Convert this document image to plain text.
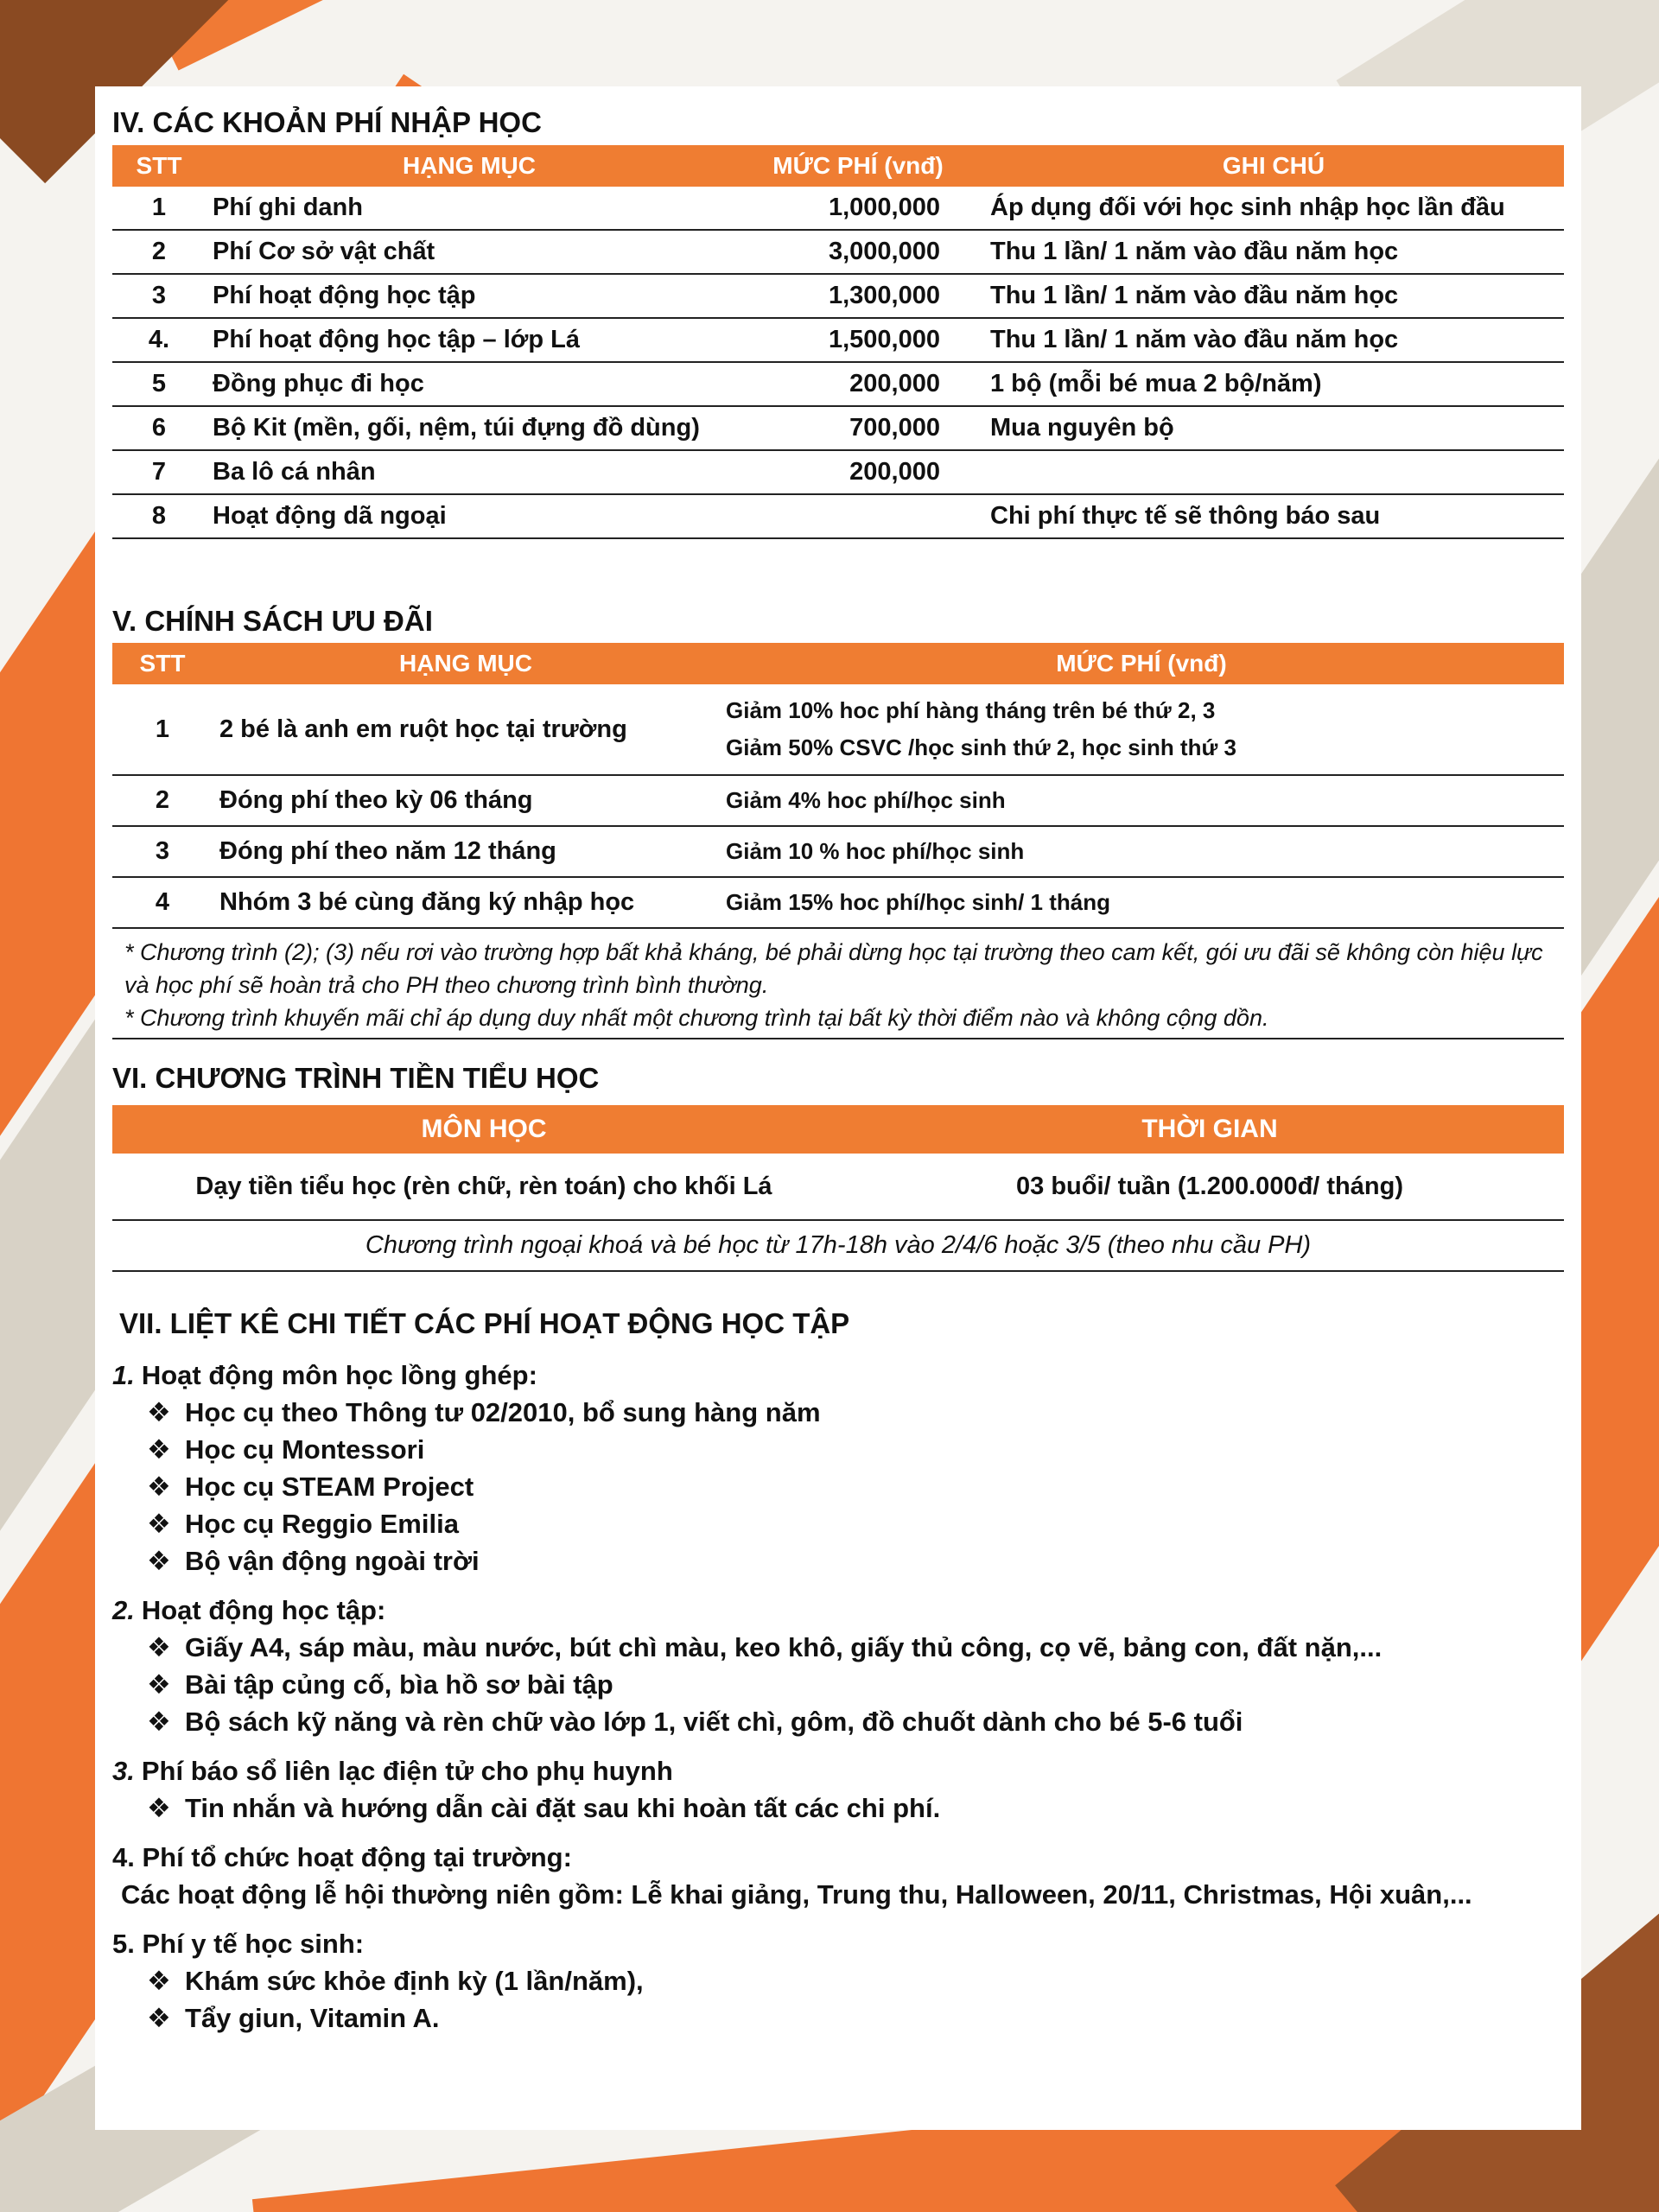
IV. CÁC KHOẢN PHÍ NHẬP HỌC
STT	HẠNG MỤC	MỨC PHÍ (vnđ)	GHI CHÚ
1	Phí ghi danh	1,000,000	Áp dụng đối với học sinh nhập học lần đầu
2	Phí Cơ sở vật chất	3,000,000	Thu 1 lần/ 1 năm vào đầu năm học
3	Phí hoạt động học tập	1,300,000	Thu 1 lần/ 1 năm vào đầu năm học
4.	Phí hoạt động học tập – lớp Lá	1,500,000	Thu 1 lần/ 1 năm vào đầu năm học
5	Đồng phục đi học	200,000	1 bộ (mỗi bé mua 2 bộ/năm)
6	Bộ Kit (mền, gối, nệm, túi đựng đồ dùng)	700,000	Mua nguyên bộ
7	Ba lô cá nhân	200,000	
8	Hoạt động dã ngoại		Chi phí thực tế sẽ thông báo sau
V. CHÍNH SÁCH ƯU ĐÃI
STT	HẠNG MỤC	MỨC PHÍ (vnđ)
1	2 bé là anh em ruột học tại trường	Giảm 10% hoc phí hàng tháng trên bé thứ 2, 3
Giảm 50% CSVC /học sinh thứ 2, học sinh thứ 3

2	Đóng phí theo kỳ 06 tháng	Giảm 4% hoc phí/học sinh

3	Đóng phí theo năm 12 tháng	Giảm 10 % hoc phí/học sinh

4	Nhóm 3 bé cùng đăng ký nhập học	Giảm 15% hoc phí/học sinh/ 1 tháng
* Chương trình (2); (3) nếu rơi vào trường hợp bất khả kháng, bé phải dừng học tại trường theo cam kết, gói ưu đãi sẽ không còn hiệu lực và học phí sẽ hoàn trả cho PH theo chương trình bình thường.
* Chương trình khuyến mãi chỉ áp dụng duy nhất một chương trình tại bất kỳ thời điểm nào và không cộng dồn.
VI. CHƯƠNG TRÌNH TIỀN TIỂU HỌC
MÔN HỌC	THỜI GIAN
Dạy tiền tiểu học (rèn chữ, rèn toán) cho khối Lá	03 buổi/ tuần (1.200.000đ/ tháng)
Chương trình ngoại khoá và bé học từ 17h-18h vào 2/4/6 hoặc 3/5 (theo nhu cầu PH)	
VII. LIỆT KÊ CHI TIẾT CÁC PHÍ HOẠT ĐỘNG HỌC TẬP
1. Hoạt động môn học lồng ghép:
❖ Học cụ theo Thông tư 02/2010, bổ sung hàng năm
❖ Học cụ Montessori
❖ Học cụ STEAM Project
❖ Học cụ Reggio Emilia
❖ Bộ vận động ngoài trời
2. Hoạt động học tập:
❖ Giấy A4, sáp màu, màu nước, bút chì màu, keo khô, giấy thủ công, cọ vẽ, bảng con, đất nặn,...
❖ Bài tập củng cố, bìa hồ sơ bài tập
❖ Bộ sách kỹ năng và rèn chữ vào lớp 1, viết chì, gôm, đồ chuốt dành cho bé 5-6 tuổi
3. Phí báo sổ liên lạc điện tử cho phụ huynh
❖ Tin nhắn và hướng dẫn cài đặt sau khi hoàn tất các chi phí.
4. Phí tổ chức hoạt động tại trường:
Các hoạt động lễ hội thường niên gồm: Lễ khai giảng, Trung thu, Halloween, 20/11, Christmas, Hội xuân,...
5. Phí y tế học sinh:
❖ Khám sức khỏe định kỳ (1 lần/năm),
❖ Tẩy giun, Vitamin A.
